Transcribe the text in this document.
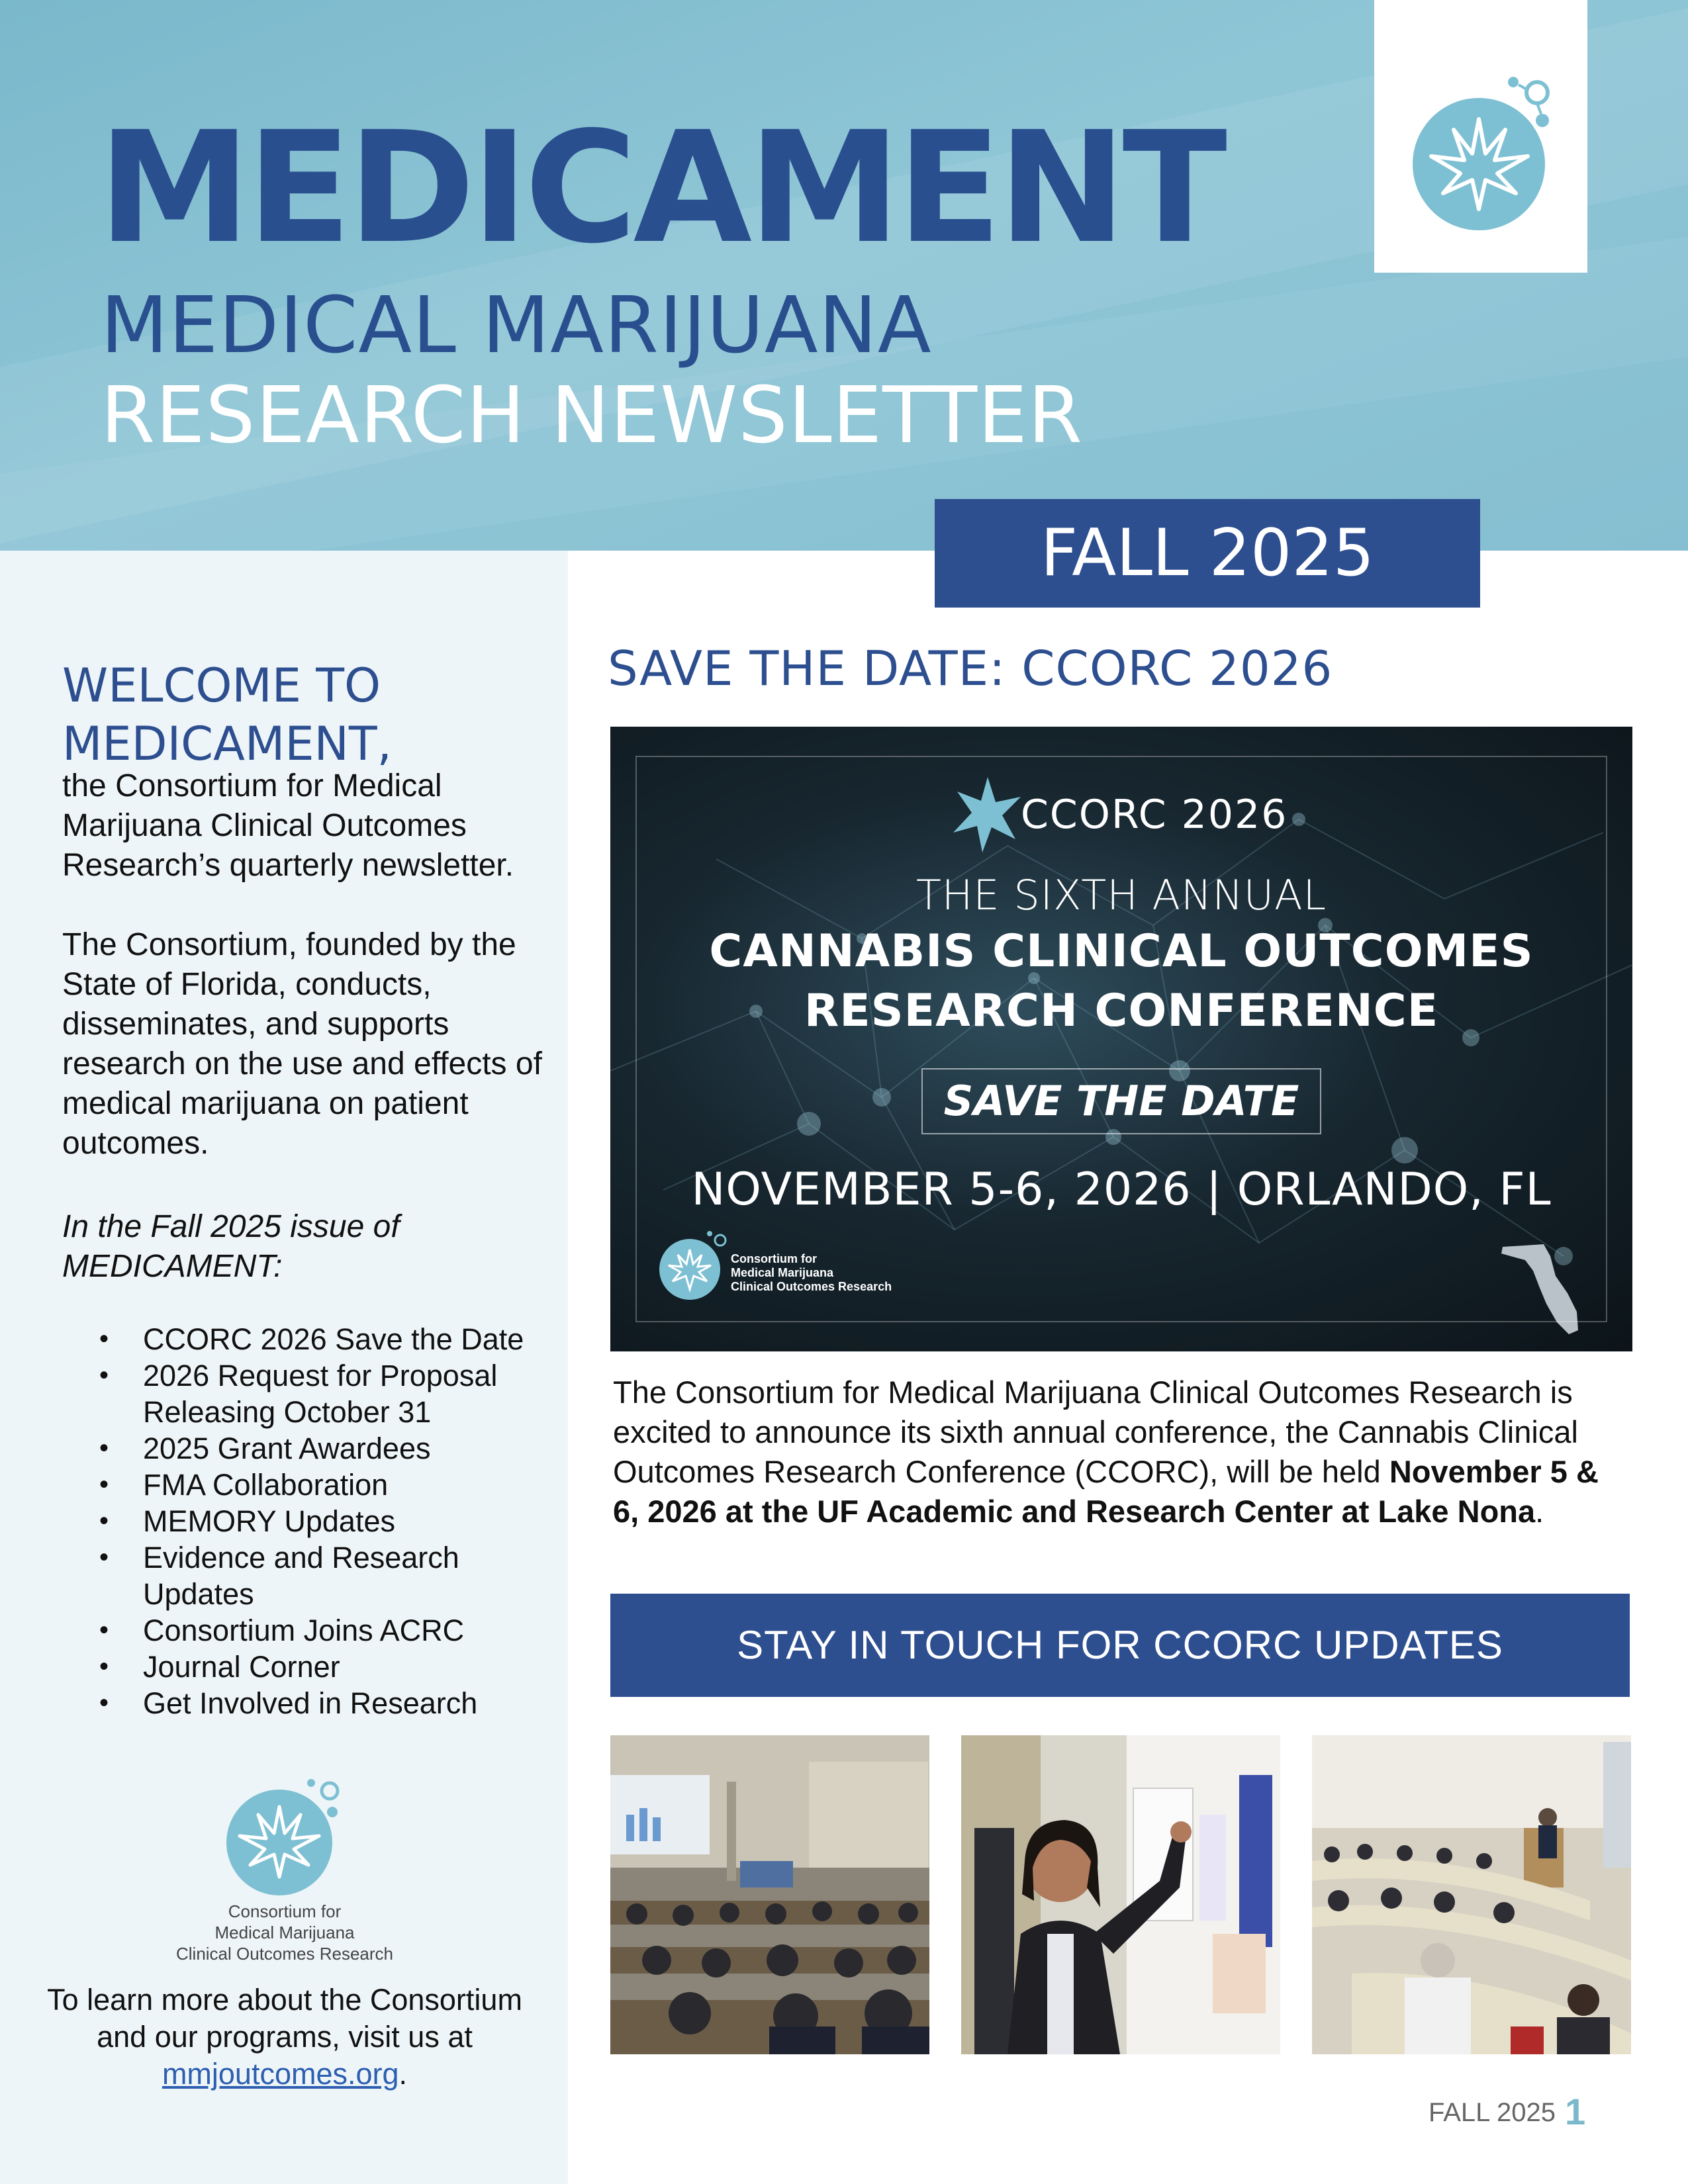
MEDICAMENT
MEDICAL MARIJUANA
RESEARCH NEWSLETTER
FALL 2025
WELCOME TO MEDICAMENT,
the Consortium for Medical Marijuana Clinical Outcomes Research’s quarterly newsletter.
The Consortium, founded by the State of Florida, conducts, disseminates, and supports research on the use and effects of medical marijuana on patient outcomes.
In the Fall 2025 issue of MEDICAMENT:
• CCORC 2026 Save the Date
• 2026 Request for Proposal Releasing October 31
• 2025 Grant Awardees
• FMA Collaboration
• MEMORY Updates
• Evidence and Research Updates
• Consortium Joins ACRC
• Journal Corner
• Get Involved in Research
Consortium for
Medical Marijuana
Clinical Outcomes Research
To learn more about the Consortium and our programs, visit us at mmjoutcomes.org.
SAVE THE DATE: CCORC 2026
CCORC 2026
THE SIXTH ANNUAL
CANNABIS CLINICAL OUTCOMES
RESEARCH CONFERENCE
SAVE THE DATE
NOVEMBER 5-6, 2026 | ORLANDO, FL
Consortium for
Medical Marijuana
Clinical Outcomes Research
The Consortium for Medical Marijuana Clinical Outcomes Research is excited to announce its sixth annual conference, the Cannabis Clinical Outcomes Research Conference (CCORC), will be held November 5 & 6, 2026 at the UF Academic and Research Center at Lake Nona.
STAY IN TOUCH FOR CCORC UPDATES
FALL 2025 1
